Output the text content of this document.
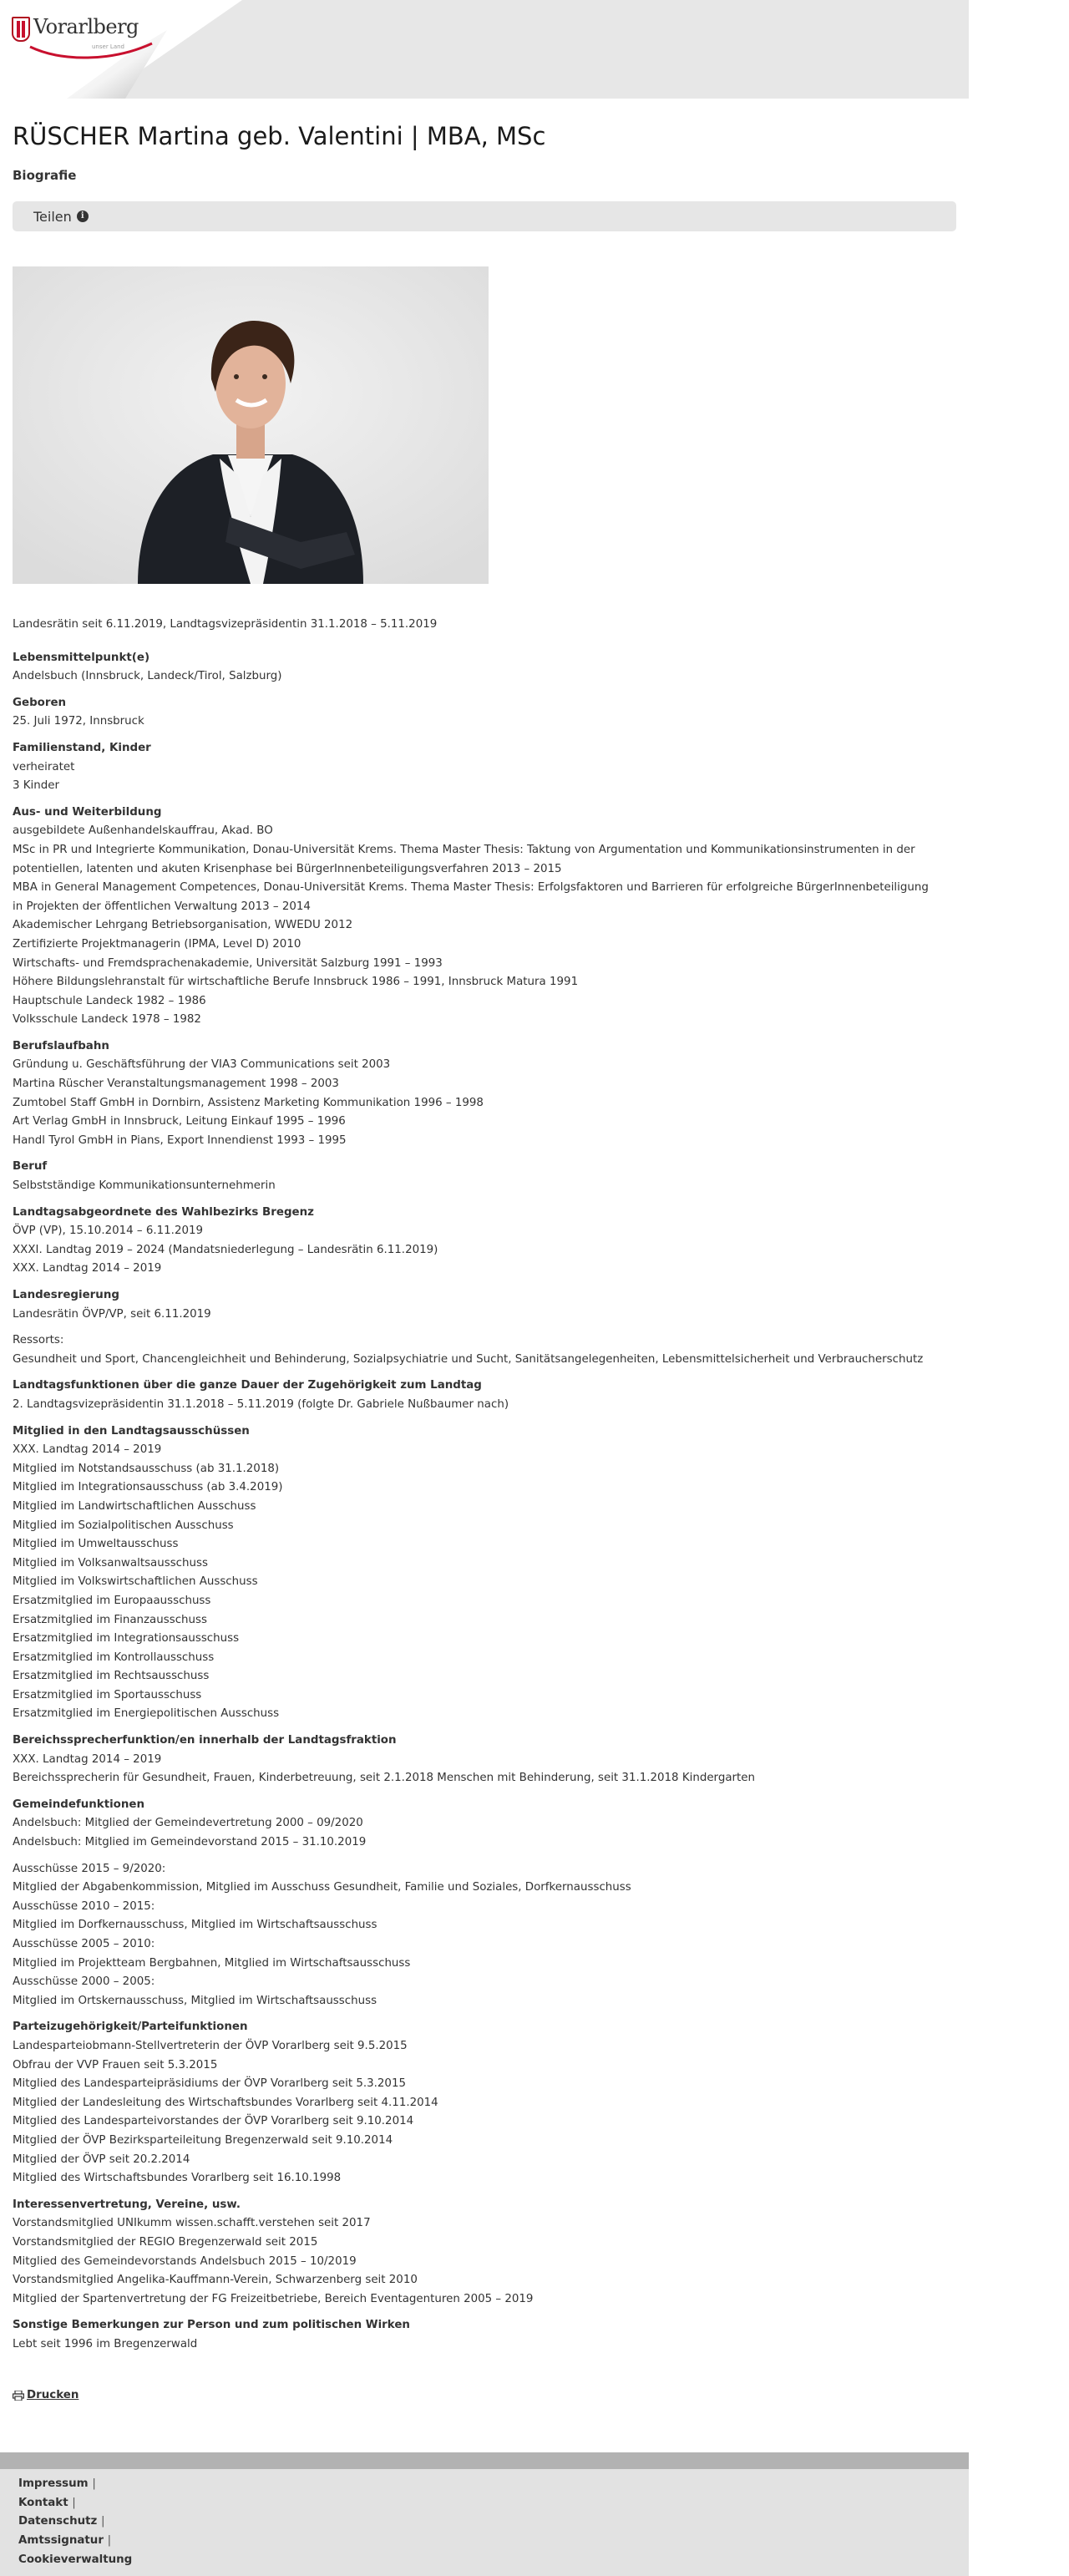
Vorarlberg
unser Land
RÜSCHER Martina geb. Valentini | MBA, MSc
Biografie
Teilen	i
Landesrätin seit 6.11.2019, Landtagsvizepräsidentin 31.1.2018 – 5.11.2019
Lebensmittelpunkt(e)
Andelsbuch (Innsbruck, Landeck/Tirol, Salzburg)
Geboren
25. Juli 1972, Innsbruck
Familienstand, Kinder
verheiratet
3 Kinder
Aus- und Weiterbildung
ausgebildete Außenhandelskauffrau, Akad. BO
MSc in PR und Integrierte Kommunikation, Donau-Universität Krems. Thema Master Thesis: Taktung von Argumentation und Kommunikationsinstrumenten in der potentiellen, latenten und akuten Krisenphase bei BürgerInnenbeteiligungsverfahren 2013 – 2015
MBA in General Management Competences, Donau-Universität Krems. Thema Master Thesis: Erfolgsfaktoren und Barrieren für erfolgreiche BürgerInnenbeteiligung in Projekten der öffentlichen Verwaltung 2013 – 2014
Akademischer Lehrgang Betriebsorganisation, WWEDU 2012
Zertifizierte Projektmanagerin (IPMA, Level D) 2010
Wirtschafts- und Fremdsprachenakademie, Universität Salzburg 1991 – 1993
Höhere Bildungslehranstalt für wirtschaftliche Berufe Innsbruck 1986 – 1991, Innsbruck Matura 1991
Hauptschule Landeck 1982 – 1986
Volksschule Landeck 1978 – 1982
Berufslaufbahn
Gründung u. Geschäftsführung der VIA3 Communications seit 2003
Martina Rüscher Veranstaltungsmanagement 1998 – 2003
Zumtobel Staff GmbH in Dornbirn, Assistenz Marketing Kommunikation 1996 – 1998
Art Verlag GmbH in Innsbruck, Leitung Einkauf 1995 – 1996
Handl Tyrol GmbH in Pians, Export Innendienst 1993 – 1995
Beruf
Selbstständige Kommunikationsunternehmerin
Landtagsabgeordnete des Wahlbezirks Bregenz
ÖVP (VP), 15.10.2014 – 6.11.2019
XXXI. Landtag 2019 – 2024 (Mandatsniederlegung – Landesrätin 6.11.2019)
XXX. Landtag 2014 – 2019
Landesregierung
Landesrätin ÖVP/VP, seit 6.11.2019
Ressorts:
Gesundheit und Sport, Chancengleichheit und Behinderung, Sozialpsychiatrie und Sucht, Sanitätsangelegenheiten, Lebensmittelsicherheit und Verbraucherschutz
Landtagsfunktionen über die ganze Dauer der Zugehörigkeit zum Landtag
2. Landtagsvizepräsidentin 31.1.2018 – 5.11.2019 (folgte Dr. Gabriele Nußbaumer nach)
Mitglied in den Landtagsausschüssen
XXX. Landtag 2014 – 2019
Mitglied im Notstandsausschuss (ab 31.1.2018)
Mitglied im Integrationsausschuss (ab 3.4.2019)
Mitglied im Landwirtschaftlichen Ausschuss
Mitglied im Sozialpolitischen Ausschuss
Mitglied im Umweltausschuss
Mitglied im Volksanwaltsausschuss
Mitglied im Volkswirtschaftlichen Ausschuss
Ersatzmitglied im Europaausschuss
Ersatzmitglied im Finanzausschuss
Ersatzmitglied im Integrationsausschuss
Ersatzmitglied im Kontrollausschuss
Ersatzmitglied im Rechtsausschuss
Ersatzmitglied im Sportausschuss
Ersatzmitglied im Energiepolitischen Ausschuss
Bereichssprecherfunktion/en innerhalb der Landtagsfraktion
XXX. Landtag 2014 – 2019
Bereichssprecherin für Gesundheit, Frauen, Kinderbetreuung, seit 2.1.2018 Menschen mit Behinderung, seit 31.1.2018 Kindergarten
Gemeindefunktionen
Andelsbuch: Mitglied der Gemeindevertretung 2000 – 09/2020
Andelsbuch: Mitglied im Gemeindevorstand 2015 – 31.10.2019
Ausschüsse 2015 – 9/2020:
Mitglied der Abgabenkommission, Mitglied im Ausschuss Gesundheit, Familie und Soziales, Dorfkernausschuss
Ausschüsse 2010 – 2015:
Mitglied im Dorfkernausschuss, Mitglied im Wirtschaftsausschuss
Ausschüsse 2005 – 2010:
Mitglied im Projektteam Bergbahnen, Mitglied im Wirtschaftsausschuss
Ausschüsse 2000 – 2005:
Mitglied im Ortskernausschuss, Mitglied im Wirtschaftsausschuss
Parteizugehörigkeit/Parteifunktionen
Landesparteiobmann-Stellvertreterin der ÖVP Vorarlberg seit 9.5.2015
Obfrau der VVP Frauen seit 5.3.2015
Mitglied des Landesparteipräsidiums der ÖVP Vorarlberg seit 5.3.2015
Mitglied der Landesleitung des Wirtschaftsbundes Vorarlberg seit 4.11.2014
Mitglied des Landesparteivorstandes der ÖVP Vorarlberg seit 9.10.2014
Mitglied der ÖVP Bezirksparteileitung Bregenzerwald seit 9.10.2014
Mitglied der ÖVP seit 20.2.2014
Mitglied des Wirtschaftsbundes Vorarlberg seit 16.10.1998
Interessenvertretung, Vereine, usw.
Vorstandsmitglied UNIkumm wissen.schafft.verstehen seit 2017
Vorstandsmitglied der REGIO Bregenzerwald seit 2015
Mitglied des Gemeindevorstands Andelsbuch 2015 – 10/2019
Vorstandsmitglied Angelika-Kauffmann-Verein, Schwarzenberg seit 2010
Mitglied der Spartenvertretung der FG Freizeitbetriebe, Bereich Eventagenturen 2005 – 2019
Sonstige Bemerkungen zur Person und zum politischen Wirken
Lebt seit 1996 im Bregenzerwald
Drucken
Impressum |
Kontakt |
Datenschutz |
Amtssignatur |
Cookieverwaltung
